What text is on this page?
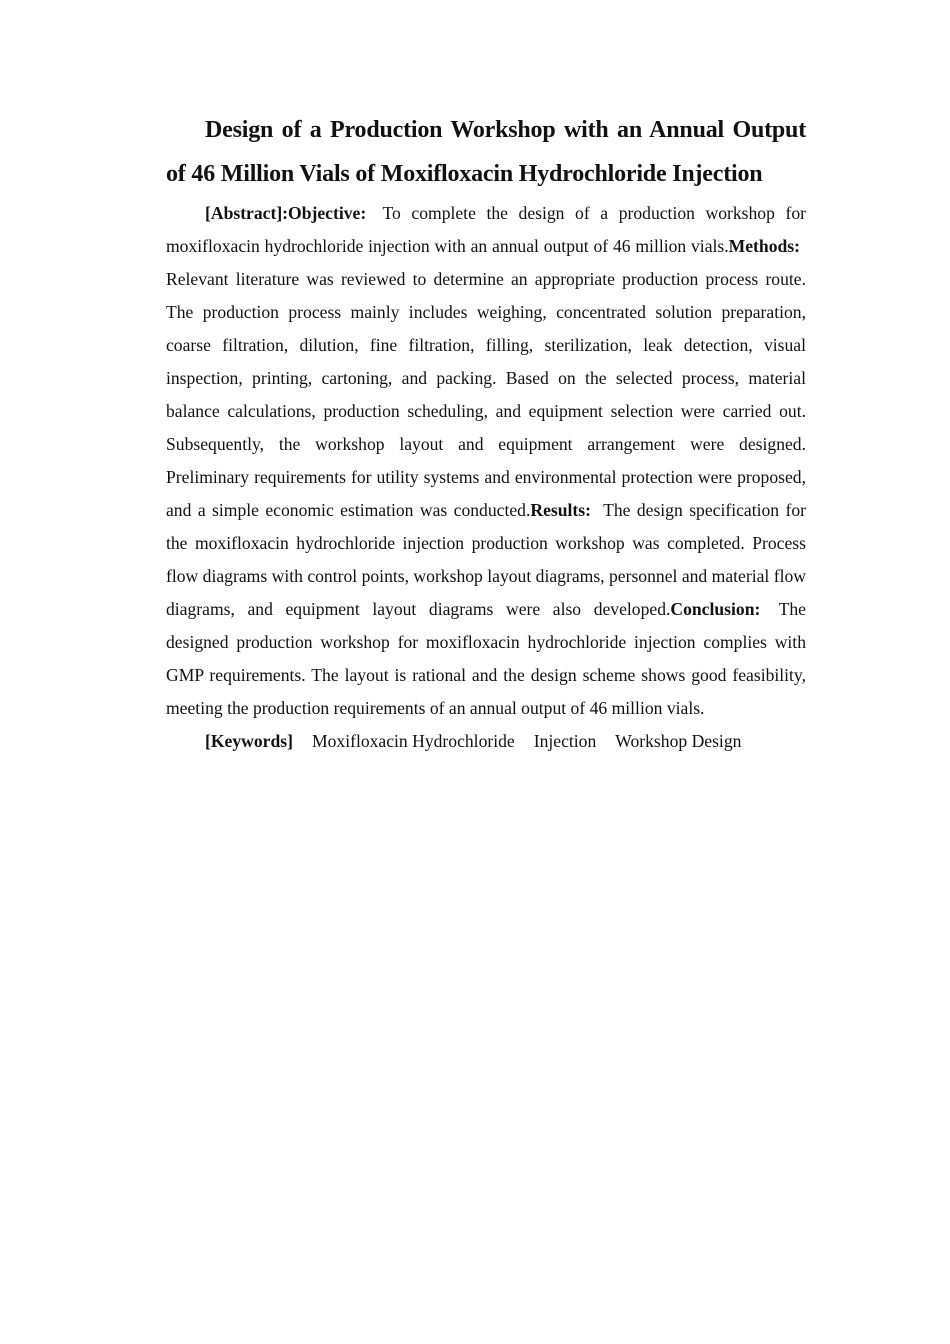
Design of a Production Workshop with an Annual Output of 46 Million Vials of Moxifloxacin Hydrochloride Injection

[Abstract]:Objective: To complete the design of a production workshop for moxifloxacin hydrochloride injection with an annual output of 46 million vials.Methods: Relevant literature was reviewed to determine an appropriate production process route. The production process mainly includes weighing, concentrated solution preparation, coarse filtration, dilution, fine filtration, filling, sterilization, leak detection, visual inspection, printing, cartoning, and packing. Based on the selected process, material balance calculations, production scheduling, and equipment selection were carried out. Subsequently, the workshop layout and equipment arrangement were designed. Preliminary requirements for utility systems and environmental protection were proposed, and a simple economic estimation was conducted.Results: The design specification for the moxifloxacin hydrochloride injection production workshop was completed. Process flow diagrams with control points, workshop layout diagrams, personnel and material flow diagrams, and equipment layout diagrams were also developed.Conclusion: The designed production workshop for moxifloxacin hydrochloride injection complies with GMP requirements. The layout is rational and the design scheme shows good feasibility, meeting the production requirements of an annual output of 46 million vials.

[Keywords] Moxifloxacin Hydrochloride Injection Workshop Design
